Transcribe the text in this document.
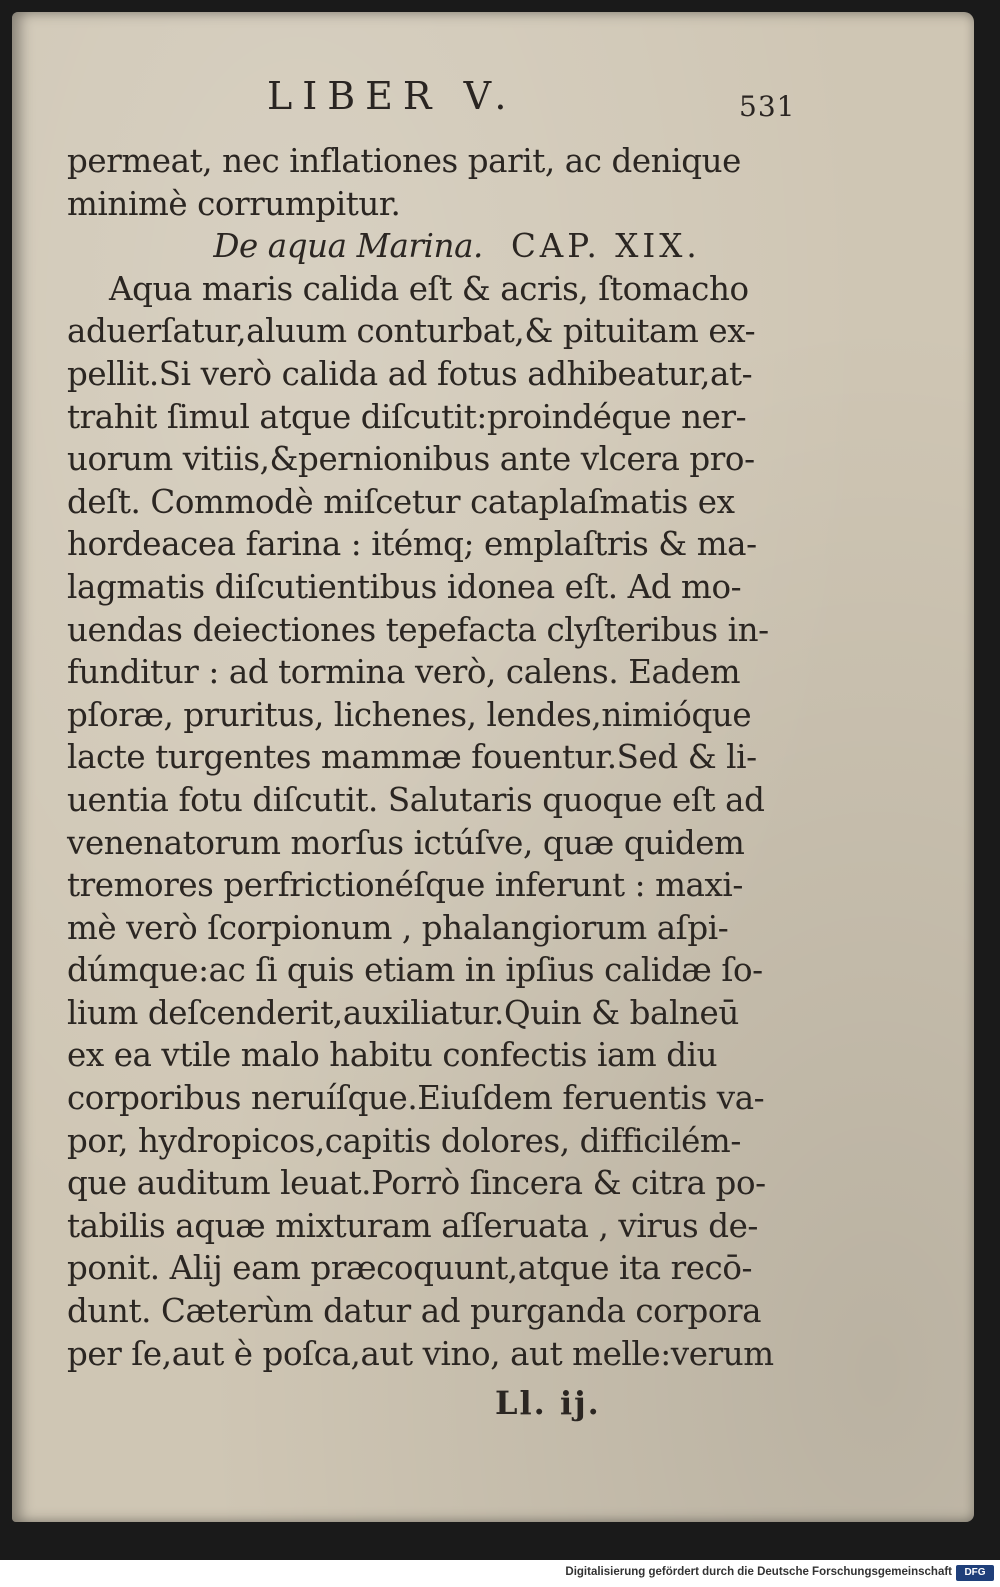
LIBER V.	531
permeat, nec inflationes parit, ac denique
minimè corrumpitur.
De aqua Marina. CAP. XIX.
Aqua maris calida eſt & acris, ſtomacho
aduerſatur,aluum conturbat,& pituitam ex-
pellit.Si verò calida ad fotus adhibeatur,at-
trahit ſimul atque diſcutit:proindéque ner-
uorum vitiis,&pernionibus ante vlcera pro-
deſt. Commodè miſcetur cataplaſmatis ex
hordeacea farina : itémq; emplaſtris & ma-
lagmatis diſcutientibus idonea eſt. Ad mo-
uendas deiectiones tepefacta clyſteribus in-
funditur : ad tormina verò, calens. Eadem
pſoræ, pruritus, lichenes, lendes,nimióque
lacte turgentes mammæ fouentur.Sed & li-
uentia fotu diſcutit. Salutaris quoque eſt ad
venenatorum morſus ictúſve, quæ quidem
tremores perfrictionéſque inferunt : maxi-
mè verò ſcorpionum , phalangiorum aſpi-
dúmque:ac ſi quis etiam in ipſius calidæ ſo-
lium deſcenderit,auxiliatur.Quin & balneū
ex ea vtile malo habitu confectis iam diu
corporibus neruíſque.Eiuſdem feruentis va-
por, hydropicos,capitis dolores, difficilém-
que auditum leuat.Porrò ſincera & citra po-
tabilis aquæ mixturam aſſeruata , virus de-
ponit. Alij eam præcoquunt,atque ita recō-
dunt. Cæterùm datur ad purganda corpora
per ſe,aut è poſca,aut vino, aut melle:verum
Ll. ij.
Digitalisierung gefördert durch die Deutsche Forschungsgemeinschaft	DFG
